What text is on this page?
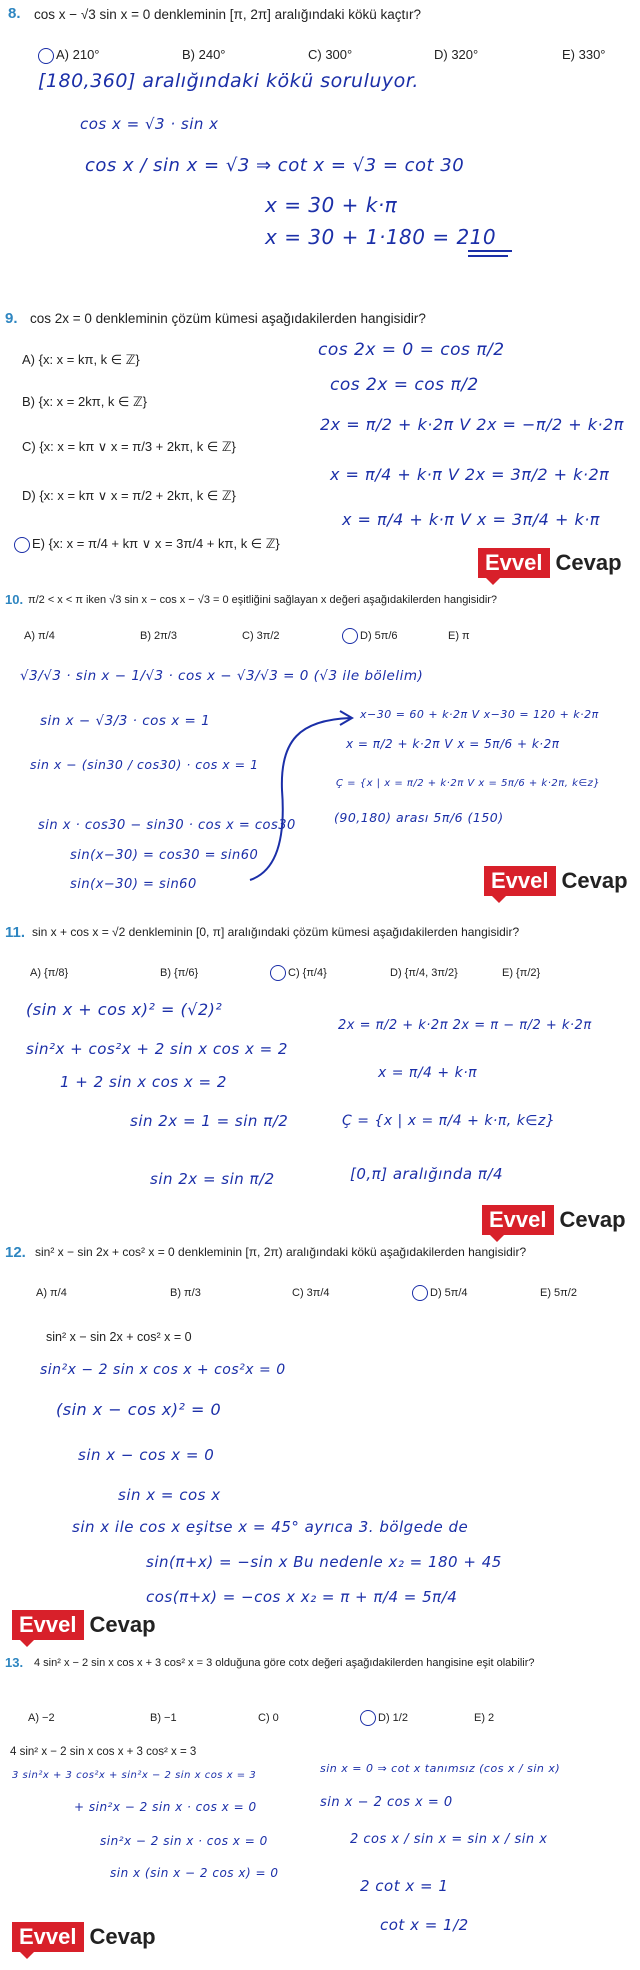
8. cos x − √3 sin x = 0 denkleminin [π, 2π] aralığındaki kökü kaçtır?
A) 210°	B) 240°	C) 300°	D) 320°	E) 330°
[180,360] aralığındaki kökü soruluyor.
cos x = √3 · sin x
cos x / sin x = √3 ⇒ cot x = √3 = cot 30
x = 30 + k·π
x = 30 + 1·180 = 210
9. cos 2x = 0 denkleminin çözüm kümesi aşağıdakilerden hangisidir?
A) {x: x = kπ, k ∈ ℤ}
B) {x: x = 2kπ, k ∈ ℤ}
C) {x: x = kπ ∨ x = π/3 + 2kπ, k ∈ ℤ}
D) {x: x = kπ ∨ x = π/2 + 2kπ, k ∈ ℤ}
E) {x: x = π/4 + kπ ∨ x = 3π/4 + kπ, k ∈ ℤ}
cos 2x = 0 = cos π/2
cos 2x = cos π/2
2x = π/2 + k·2π V 2x = −π/2 + k·2π
x = π/4 + k·π V 2x = 3π/2 + k·2π
x = π/4 + k·π V x = 3π/4 + k·π
Evvel Cevap
10. π/2 < x < π iken √3 sin x − cos x − √3 = 0 eşitliğini sağlayan x değeri aşağıdakilerden hangisidir?
A) π/4	B) 2π/3	C) 3π/2	D) 5π/6	E) π
√3/√3 · sin x − 1/√3 · cos x − √3/√3 = 0 (√3 ile bölelim)
sin x − √3/3 · cos x = 1
sin x − (sin30 / cos30) · cos x = 1
sin x · cos30 − sin30 · cos x = cos30
sin(x−30) = cos30 = sin60
sin(x−30) = sin60
x−30 = 60 + k·2π V x−30 = 120 + k·2π
x = π/2 + k·2π V x = 5π/6 + k·2π
Ç = {x | x = π/2 + k·2π V x = 5π/6 + k·2π, k∈z}
(90,180) arası 5π/6 (150)
Evvel Cevap
11. sin x + cos x = √2 denkleminin [0, π] aralığındaki çözüm kümesi aşağıdakilerden hangisidir?
A) {π/8}	B) {π/6}	C) {π/4}	D) {π/4, 3π/2}	E) {π/2}
(sin x + cos x)² = (√2)²
sin²x + cos²x + 2 sin x cos x = 2
1 + 2 sin x cos x = 2
sin 2x = 1 = sin π/2
sin 2x = sin π/2
2x = π/2 + k·2π 2x = π − π/2 + k·2π
x = π/4 + k·π
Ç = {x | x = π/4 + k·π, k∈z}
[0,π] aralığında π/4
Evvel Cevap
12. sin² x − sin 2x + cos² x = 0 denkleminin [π, 2π) aralığındaki kökü aşağıdakilerden hangisidir?
A) π/4	B) π/3	C) 3π/4	D) 5π/4	E) 5π/2
sin² x − sin 2x + cos² x = 0
sin²x − 2 sin x cos x + cos²x = 0
(sin x − cos x)² = 0
sin x − cos x = 0
sin x = cos x
sin x ile cos x eşitse x = 45° ayrıca 3. bölgede de
sin(π+x) = −sin x Bu nedenle x₂ = 180 + 45
cos(π+x) = −cos x x₂ = π + π/4 = 5π/4
Evvel Cevap
13. 4 sin² x − 2 sin x cos x + 3 cos² x = 3 olduğuna göre cotx değeri aşağıdakilerden hangisine eşit olabilir?
A) −2	B) −1	C) 0	D) 1/2	E) 2
4 sin² x − 2 sin x cos x + 3 cos² x = 3
3 sin²x + 3 cos²x + sin²x − 2 sin x cos x = 3
+ sin²x − 2 sin x · cos x = 0
sin²x − 2 sin x · cos x = 0
sin x (sin x − 2 cos x) = 0
sin x = 0 ⇒ cot x tanımsız (cos x / sin x)
sin x − 2 cos x = 0
2 cos x / sin x = sin x / sin x
2 cot x = 1
cot x = 1/2
Evvel Cevap
